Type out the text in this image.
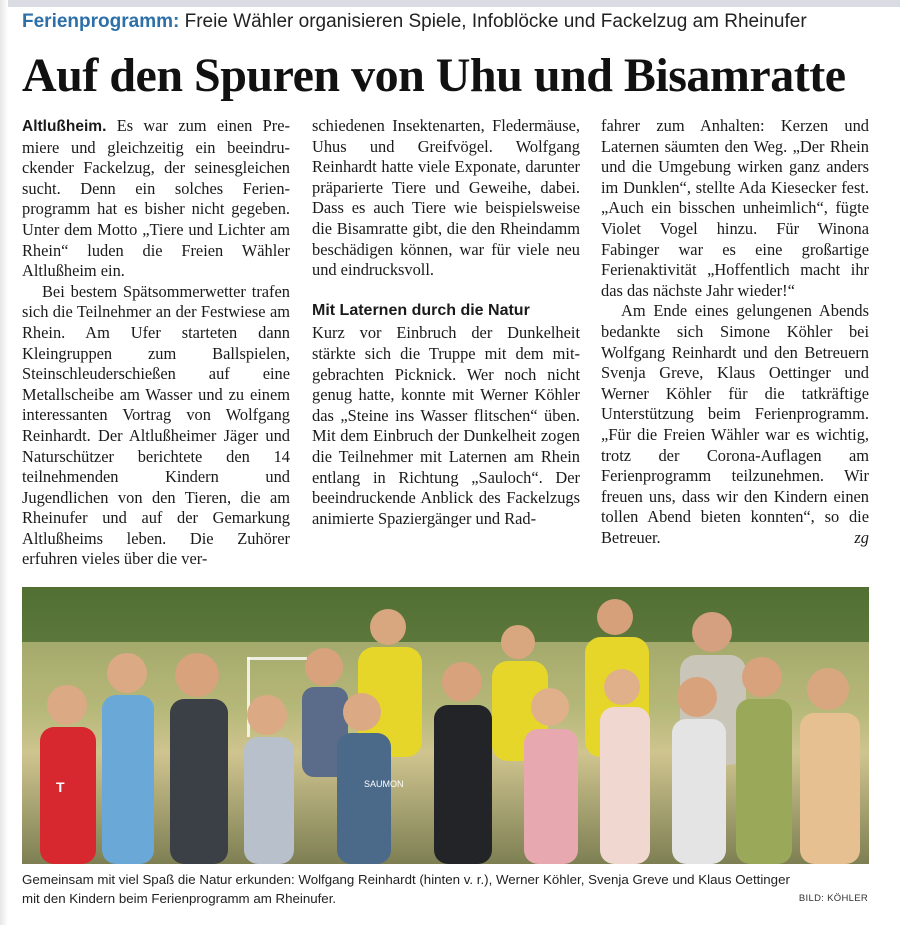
Ferienprogramm: Freie Wähler organisieren Spiele, Infoblöcke und Fackelzug am Rheinufer
Auf den Spuren von Uhu und Bisamratte

Altlußheim. Es war zum einen Premiere und gleichzeitig ein beeindruckender Fackelzug, der seinesgleichen sucht. Denn ein solches Ferienprogramm hat es bisher nicht gegeben. Unter dem Motto „Tiere und Lichter am Rhein“ luden die Freien Wähler Altlußheim ein.

Bei bestem Spätsommerwetter trafen sich die Teilnehmer an der Festwiese am Rhein. Am Ufer starteten dann Kleingruppen zum Ballspielen, Steinschleuderschießen auf eine Metallscheibe am Wasser und zu einem interessanten Vortrag von Wolfgang Reinhardt. Der Altlußheimer Jäger und Naturschützer berichtete den 14 teilnehmenden Kindern und Jugendlichen von den Tieren, die am Rheinufer und auf der Gemarkung Altlußheims leben. Die Zuhörer erfuhren vieles über die ver-

schiedenen Insektenarten, Fledermäuse, Uhus und Greifvögel. Wolfgang Reinhardt hatte viele Exponate, darunter präparierte Tiere und Geweihe, dabei. Dass es auch Tiere wie beispielsweise die Bisamratte gibt, die den Rheindamm beschädigen können, war für viele neu und eindrucksvoll.

Mit Laternen durch die Natur

Kurz vor Einbruch der Dunkelheit stärkte sich die Truppe mit dem mitgebrachten Picknick. Wer noch nicht genug hatte, konnte mit Werner Köhler das „Steine ins Wasser flitschen“ üben. Mit dem Einbruch der Dunkelheit zogen die Teilnehmer mit Laternen am Rhein entlang in Richtung „Sauloch“. Der beeindruckende Anblick des Fackelzugs animierte Spaziergänger und Rad-

fahrer zum Anhalten: Kerzen und Laternen säumten den Weg. „Der Rhein und die Umgebung wirken ganz anders im Dunklen“, stellte Ada Kiesecker fest. „Auch ein bisschen unheimlich“, fügte Violet Vogel hinzu. Für Winona Fabinger war es eine großartige Ferienaktivität „Hoffentlich macht ihr das das nächste Jahr wieder!“

Am Ende eines gelungenen Abends bedankte sich Simone Köhler bei Wolfgang Reinhardt und den Betreuern Svenja Greve, Klaus Oettinger und Werner Köhler für die tatkräftige Unterstützung beim Ferienprogramm. „Für die Freien Wähler war es wichtig, trotz der Corona-Auflagen am Ferienprogramm teilzunehmen. Wir freuen uns, dass wir den Kindern einen tollen Abend bieten konnten“, so die Betreuer.	zg

T	SAUMON
Gemeinsam mit viel Spaß die Natur erkunden: Wolfgang Reinhardt (hinten v. r.), Werner Köhler, Svenja Greve und Klaus Oettinger
mit den Kindern beim Ferienprogramm am Rheinufer.	BILD: KÖHLER
